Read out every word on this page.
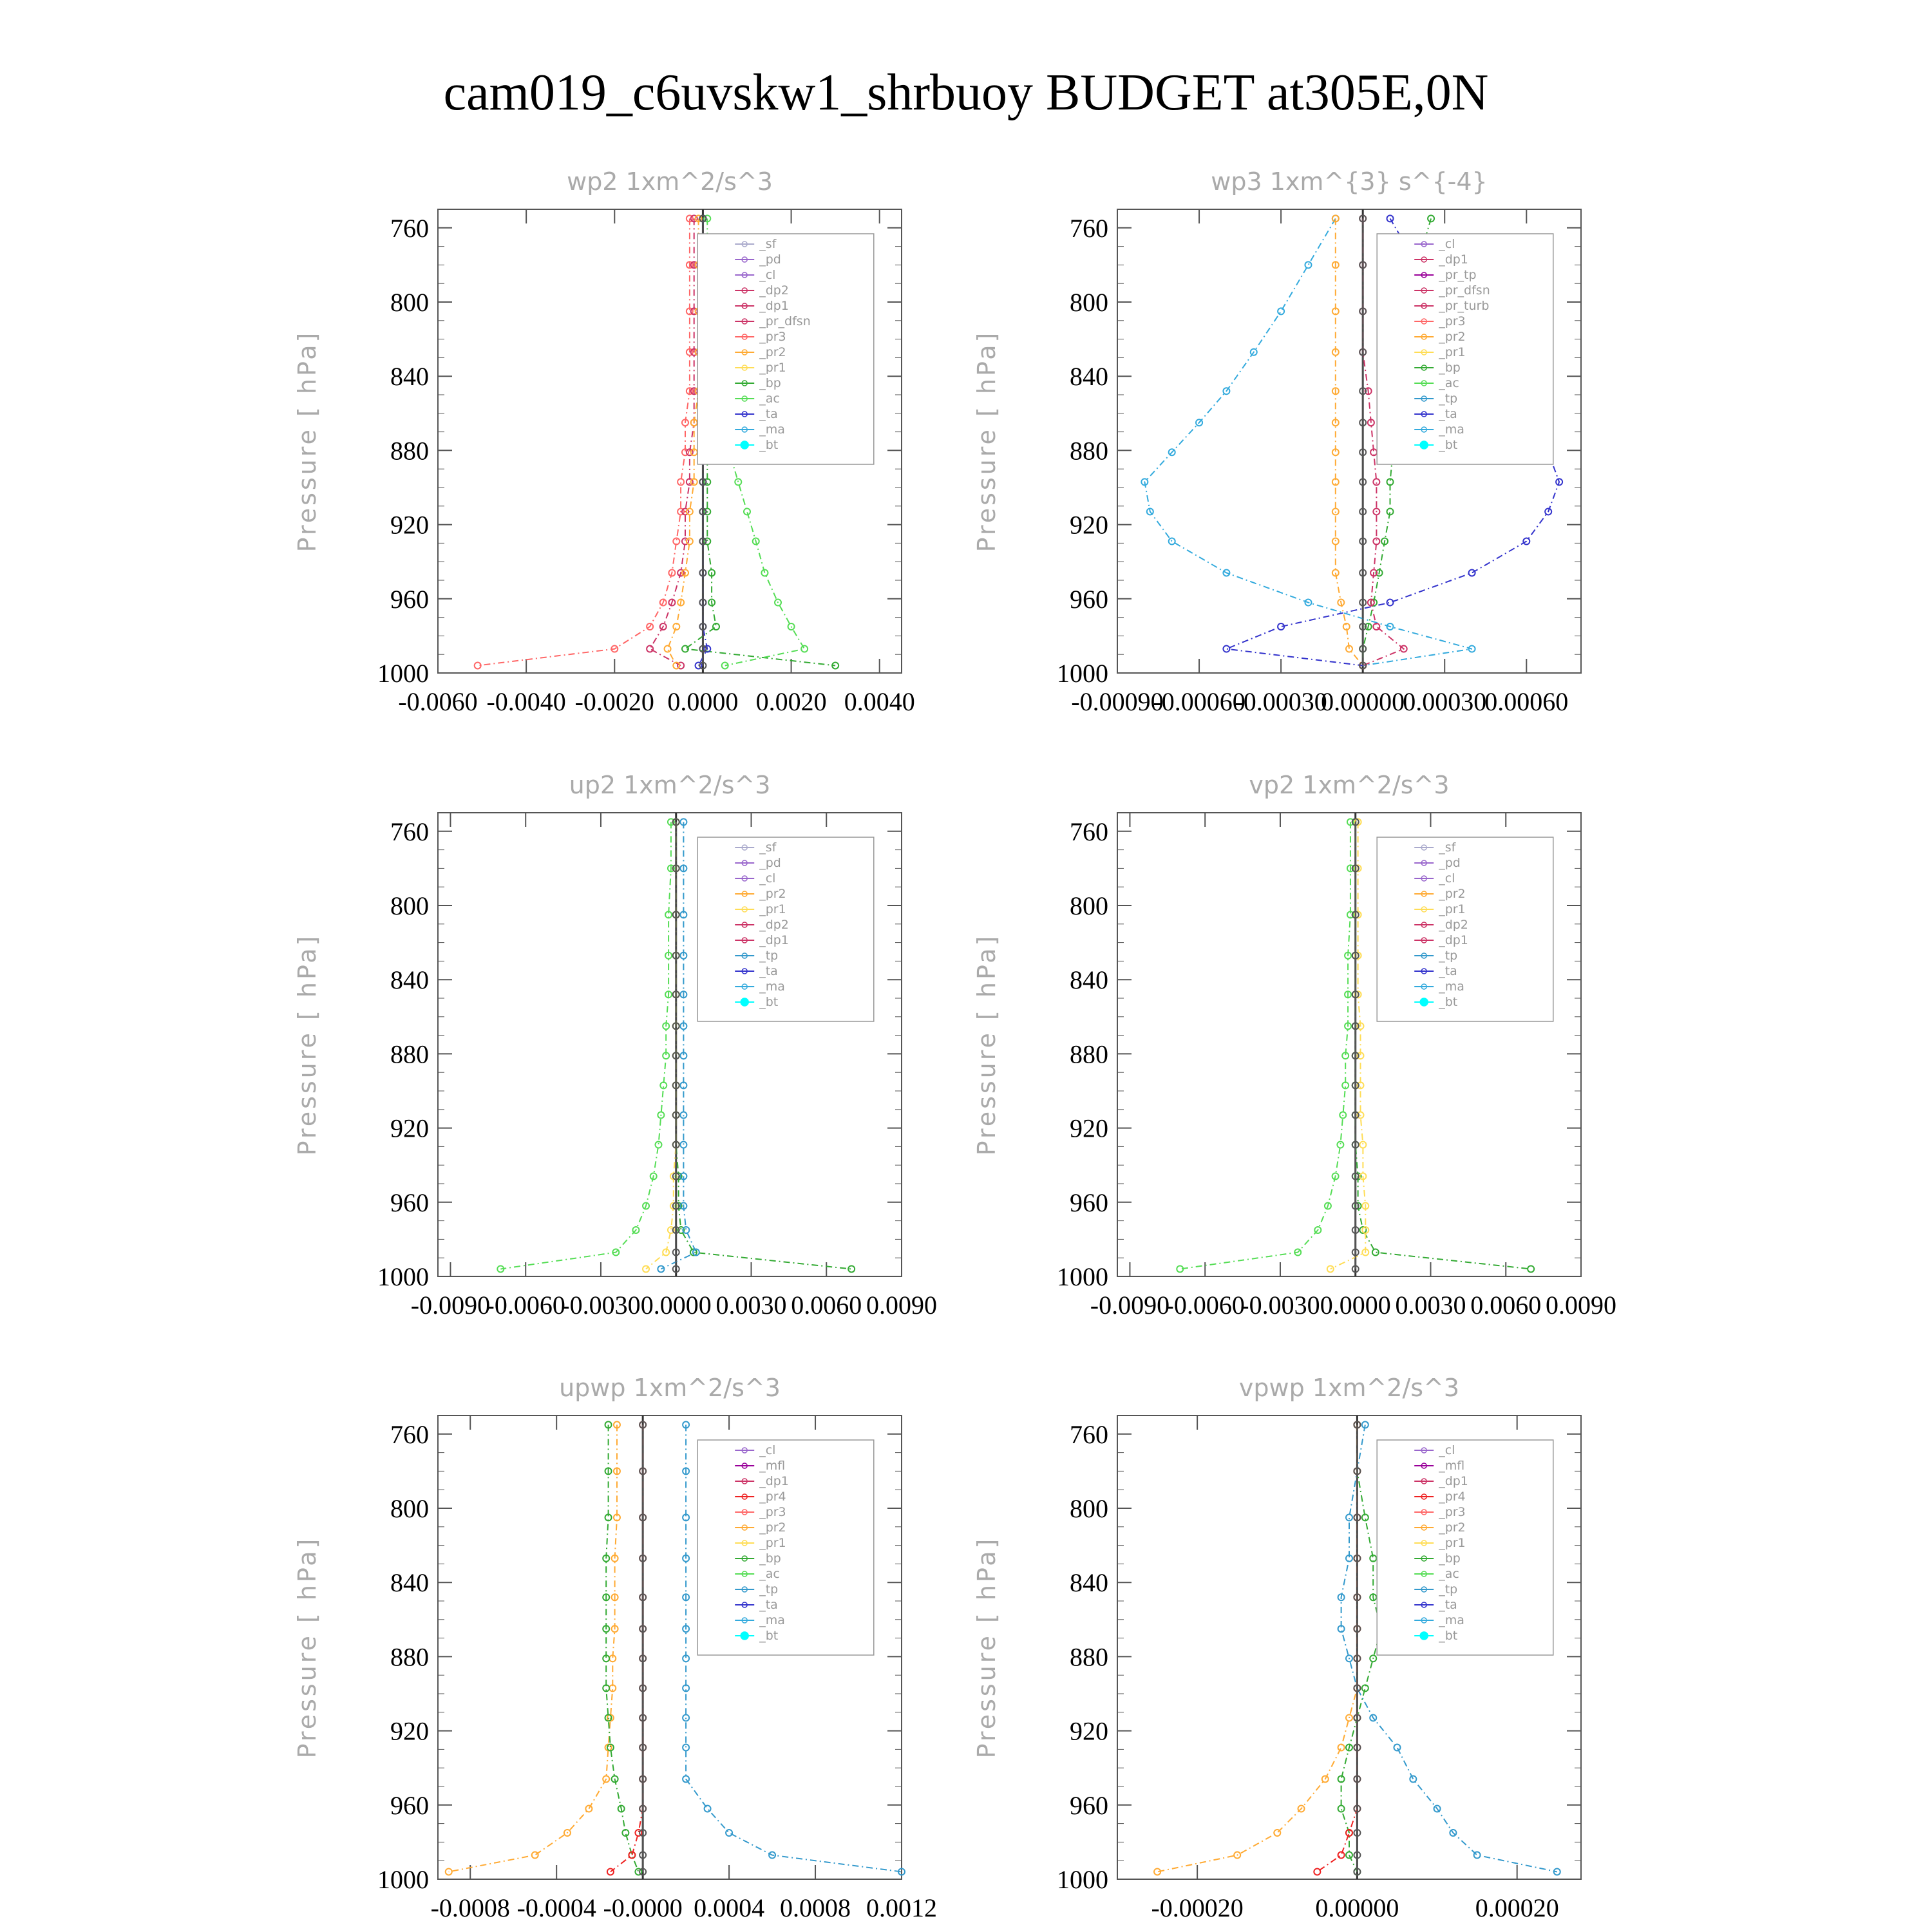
cam019_c6uvskw1_shrbuoy BUDGET at305E,0N
wp2 1xm^2/s^3
Pressure [ hPa]
760
800
840
880
920
960
1000
-0.0060 -0.0040 -0.0020 0.0000 0.0020 0.0040
_sf
_pd
_cl
_dp2
_dp1
_pr_dfsn
_pr3
_pr2
_pr1
_bp
_ac
_ta
_ma
_bt
wp3 1xm^{3} s^{-4}
Pressure [ hPa]
760
800
840
880
920
960
1000
-0.00090
-0.00060
-0.00030
0.00000
0.00030
0.00060
_cl
_dp1
_pr_tp
_pr_dfsn
_pr_turb
_pr3
_pr2
_pr1
_bp
_ac
_tp
_ta
_ma
_bt
up2 1xm^2/s^3
Pressure [ hPa]
760
800
840
880
920
960
1000
-0.0090
-0.0060
-0.0030 0.0000 0.0030 0.0060 0.0090
_sf
_pd
_cl
_pr2
_pr1
_dp2
_dp1
_tp
_ta
_ma
_bt
vp2 1xm^2/s^3
Pressure [ hPa]
760
800
840
880
920
960
1000
-0.0090
-0.0060
-0.0030 0.0000 0.0030 0.0060 0.0090
_sf
_pd
_cl
_pr2
_pr1
_dp2
_dp1
_tp
_ta
_ma
_bt
upwp 1xm^2/s^3
Pressure [ hPa]
760
800
840
880
920
960
1000
-0.0008 -0.0004 -0.0000 0.0004 0.0008 0.0012
_cl
_mfl
_dp1
_pr4
_pr3
_pr2
_pr1
_bp
_ac
_tp
_ta
_ma
_bt
vpwp 1xm^2/s^3
Pressure [ hPa]
760
800
840
880
920
960
1000
-0.00020	0.00000	0.00020
_cl
_mfl
_dp1
_pr4
_pr3
_pr2
_pr1
_bp
_ac
_tp
_ta
_ma
_bt
